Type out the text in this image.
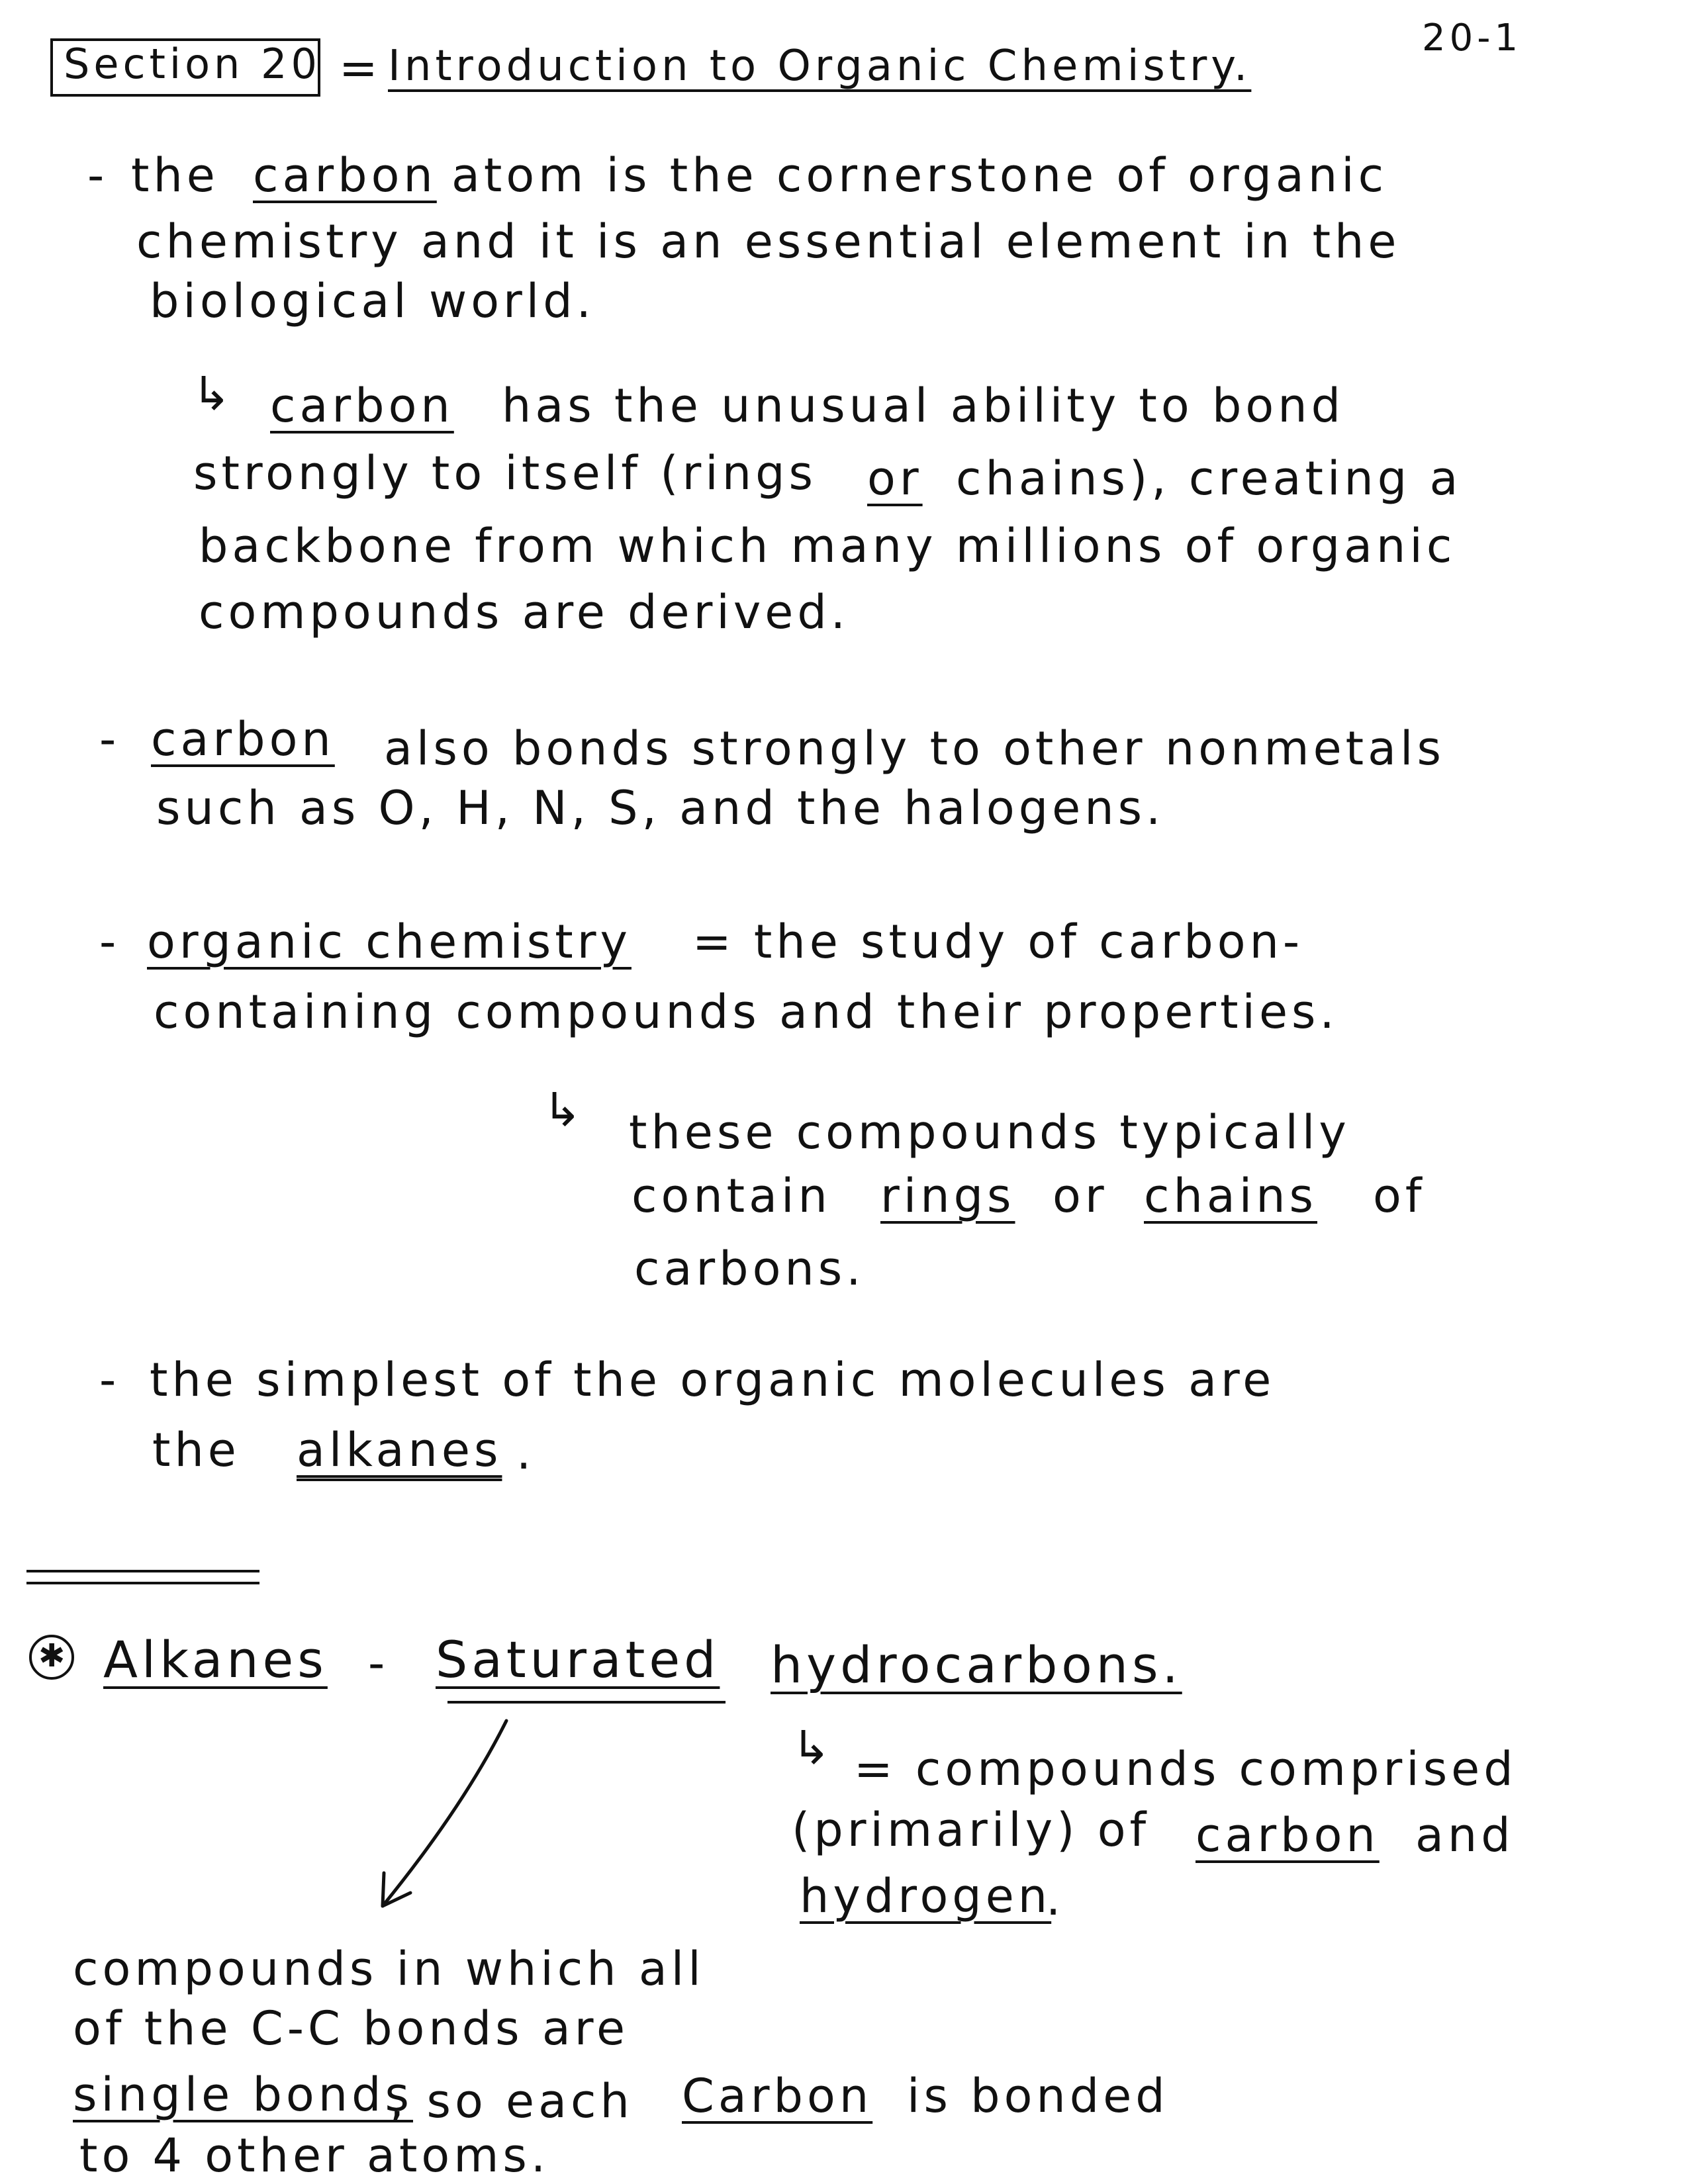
20-1
Section 20 = Introduction to Organic Chemistry.
- the carbon atom is the cornerstone of organic
chemistry and it is an essential element in the
biological world.
↳ carbon has the unusual ability to bond
strongly to itself (rings or chains), creating a
backbone from which many millions of organic
compounds are derived.
- carbon also bonds strongly to other nonmetals
such as O, H, N, S, and the halogens.
- organic chemistry = the study of carbon-
containing compounds and their properties.
↳ these compounds typically
contain rings or chains of
carbons.
- the simplest of the organic molecules are
the alkanes .
✱ Alkanes - Saturated hydrocarbons.
↳ = compounds comprised
(primarily) of carbon and
hydrogen
.
compounds in which all
of the C-C bonds are
single bonds
, so each Carbon is bonded
to 4 other atoms.
